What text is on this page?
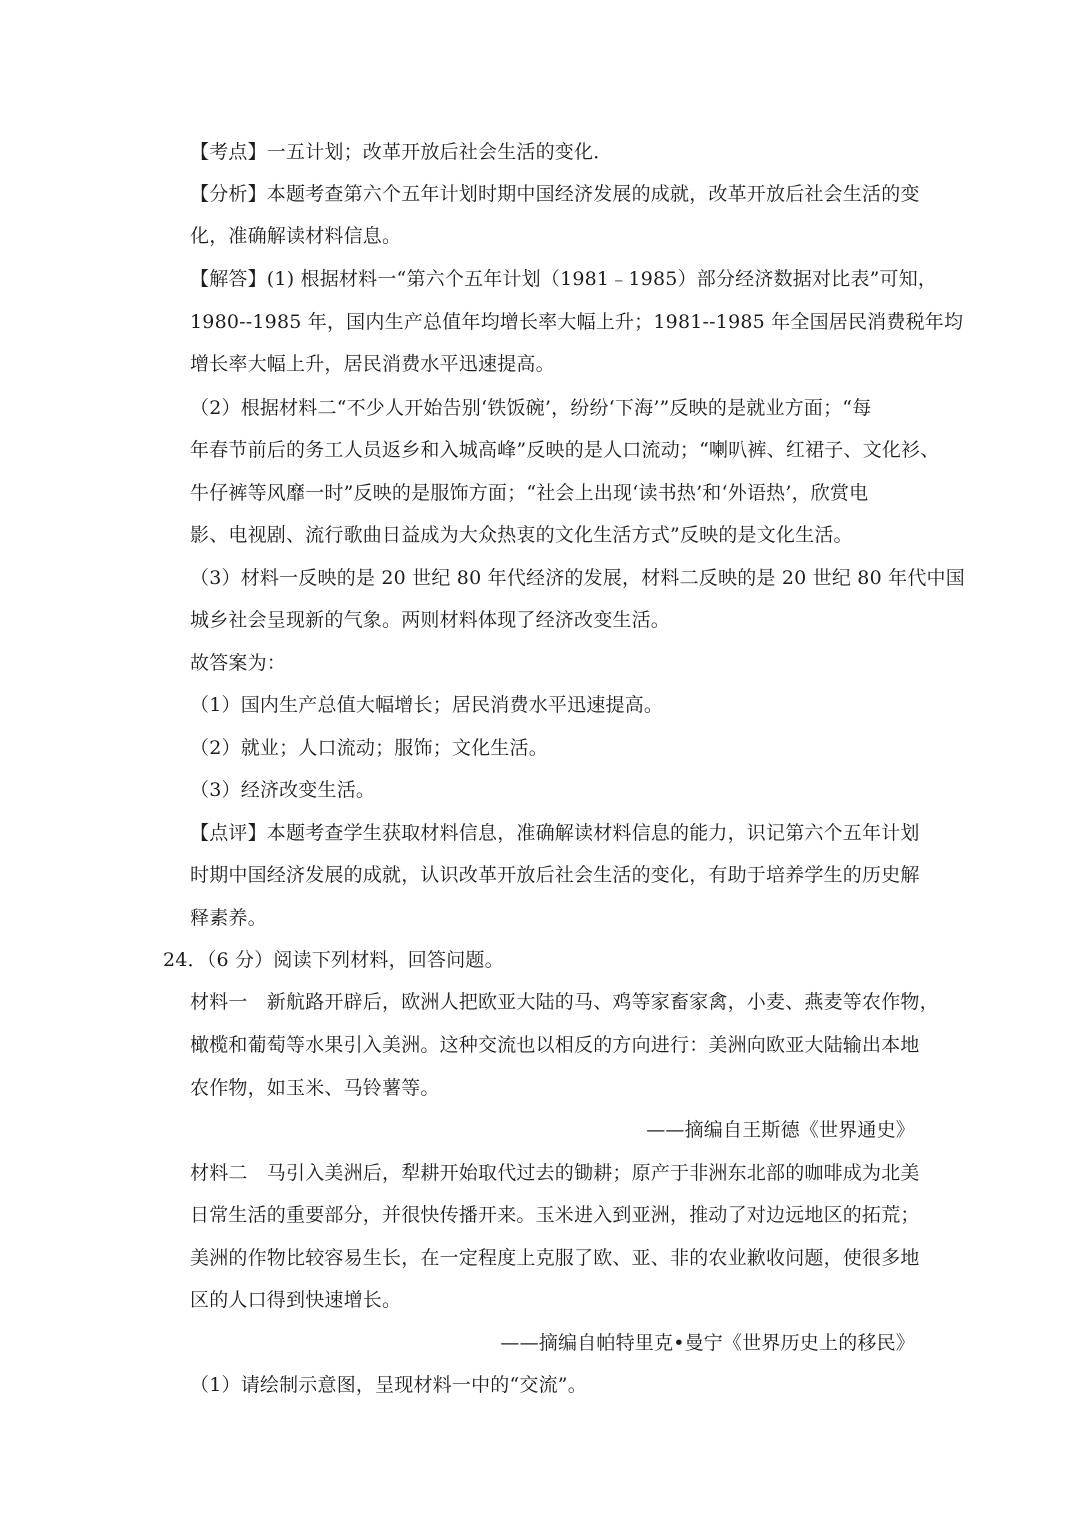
【考点】一五计划；改革开放后社会生活的变化．
【分析】本题考查第六个五年计划时期中国经济发展的成就，改革开放后社会生活的变
化，准确解读材料信息。
【解答】(1) 根据材料一“第六个五年计划（1981﹣1985）部分经济数据对比表”可知，
1980--1985 年，国内生产总值年均增长率大幅上升；1981--1985 年全国居民消费税年均
增长率大幅上升，居民消费水平迅速提高。
（2）根据材料二“不少人开始告别‘铁饭碗’，纷纷‘下海’”反映的是就业方面；“每
年春节前后的务工人员返乡和入城高峰”反映的是人口流动；“喇叭裤、红裙子、文化衫、
牛仔裤等风靡一时”反映的是服饰方面；“社会上出现‘读书热’和‘外语热’，欣赏电
影、电视剧、流行歌曲日益成为大众热衷的文化生活方式”反映的是文化生活。
（3）材料一反映的是 20 世纪 80 年代经济的发展，材料二反映的是 20 世纪 80 年代中国
城乡社会呈现新的气象。两则材料体现了经济改变生活。
故答案为：
（1）国内生产总值大幅增长；居民消费水平迅速提高。
（2）就业；人口流动；服饰；文化生活。
（3）经济改变生活。
【点评】本题考查学生获取材料信息，准确解读材料信息的能力，识记第六个五年计划
时期中国经济发展的成就，认识改革开放后社会生活的变化，有助于培养学生的历史解
释素养。
24．（6 分）阅读下列材料，回答问题。
材料一　新航路开辟后，欧洲人把欧亚大陆的马、鸡等家畜家禽，小麦、燕麦等农作物，
橄榄和葡萄等水果引入美洲。这种交流也以相反的方向进行：美洲向欧亚大陆输出本地
农作物，如玉米、马铃薯等。
——摘编自王斯德《世界通史》
材料二　马引入美洲后，犁耕开始取代过去的锄耕；原产于非洲东北部的咖啡成为北美
日常生活的重要部分，并很快传播开来。玉米进入到亚洲，推动了对边远地区的拓荒；
美洲的作物比较容易生长，在一定程度上克服了欧、亚、非的农业歉收问题，使很多地
区的人口得到快速增长。
——摘编自帕特里克•曼宁《世界历史上的移民》
（1）请绘制示意图，呈现材料一中的“交流”。
